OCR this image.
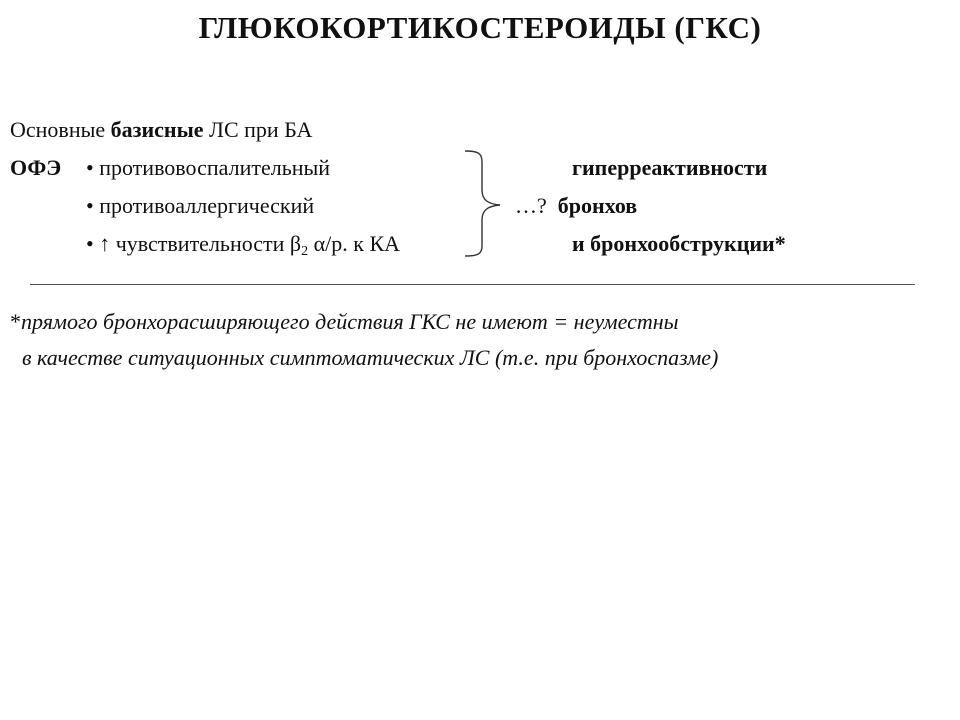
ГЛЮКОКОРТИКОСТЕРОИДЫ (ГКС)
Основные базисные ЛС при БА
ОФЭ • противовоспалительный
• противоаллергический
• ↑ чувствительности $\beta_2$ α/р. к КА
гиперреактивности
…? бронхов
и бронхообструкции*
*прямого бронхорасширяющего действия ГКС не имеют = неуместны
в качестве ситуационных симптоматических ЛС (т.е. при бронхоспазме)
